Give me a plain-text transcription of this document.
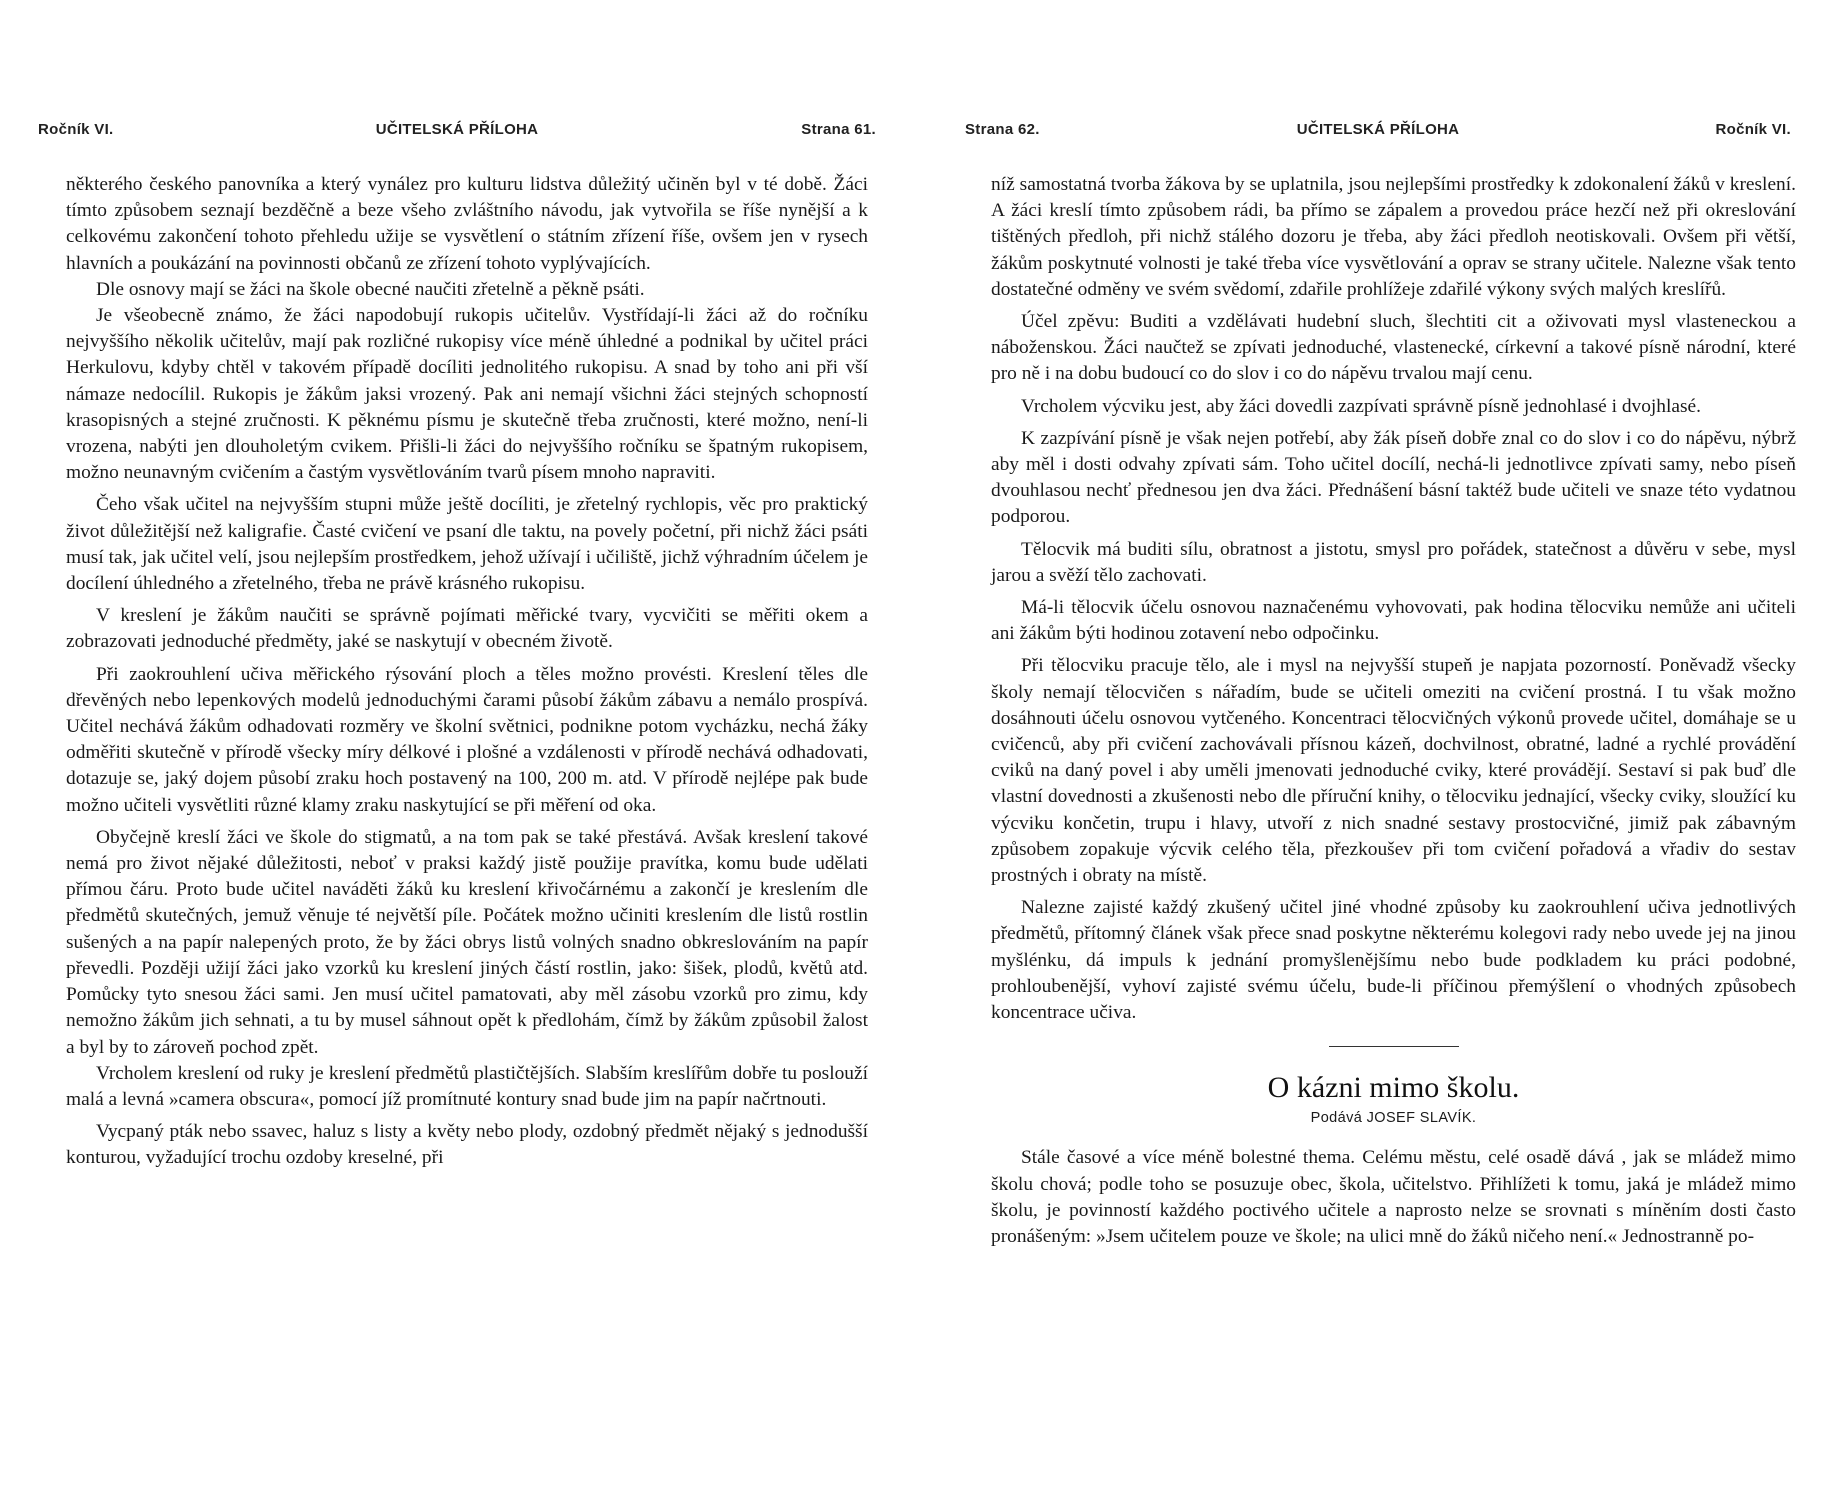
Ročník VI.	UČITELSKÁ PŘÍLOHA	Strana 61.

některého českého panovníka a který vynález pro kulturu lidstva důležitý učiněn byl v té době. Žáci tímto způsobem seznají bezděčně a beze všeho zvláštního návodu, jak vytvořila se říše nynější a k celkovému zakončení tohoto přehledu užije se vysvětlení o státním zřízení říše, ovšem jen v rysech hlavních a poukázání na povinnosti občanů ze zřízení tohoto vyplývajících.

Dle osnovy mají se žáci na škole obecné naučiti zřetelně a pěkně psáti.

Je všeobecně známo, že žáci napodobují rukopis učitelův. Vystřídají-li žáci až do ročníku nejvyššího několik učitelův, mají pak rozličné rukopisy více méně úhledné a podnikal by učitel práci Herkulovu, kdyby chtěl v takovém případě docíliti jednolitého rukopisu. A snad by toho ani při vší námaze nedocílil. Rukopis je žákům jaksi vrozený. Pak ani nemají všichni žáci stejných schopností krasopisných a stejné zručnosti. K pěknému písmu je skutečně třeba zručnosti, které možno, není-li vrozena, nabýti jen dlouholetým cvikem. Přišli-li žáci do nejvyššího ročníku se špatným rukopisem, možno neunavným cvičením a častým vysvětlováním tvarů písem mnoho napraviti.

Čeho však učitel na nejvyšším stupni může ještě docíliti, je zřetelný rychlopis, věc pro praktický život důležitější než kaligrafie. Časté cvičení ve psaní dle taktu, na povely početní, při nichž žáci psáti musí tak, jak učitel velí, jsou nejlepším prostředkem, jehož užívají i učiliště, jichž výhradním účelem je docílení úhledného a zřetelného, třeba ne právě krásného rukopisu.

V kreslení je žákům naučiti se správně pojímati měřické tvary, vycvičiti se měřiti okem a zobrazovati jednoduché předměty, jaké se naskytují v obecném životě.

Při zaokrouhlení učiva měřického rýsování ploch a těles možno provésti. Kreslení těles dle dřevěných nebo lepenkových modelů jednoduchými čarami působí žákům zábavu a nemálo prospívá. Učitel nechává žákům odhadovati rozměry ve školní světnici, podnikne potom vycházku, nechá žáky odměřiti skutečně v přírodě všecky míry délkové i plošné a vzdálenosti v přírodě nechává odhadovati, dotazuje se, jaký dojem působí zraku hoch postavený na 100, 200 m. atd. V přírodě nejlépe pak bude možno učiteli vysvětliti různé klamy zraku naskytující se při měření od oka.

Obyčejně kreslí žáci ve škole do stigmatů, a na tom pak se také přestává. Avšak kreslení takové nemá pro život nějaké důležitosti, neboť v praksi každý jistě použije pravítka, komu bude udělati přímou čáru. Proto bude učitel naváděti žáků ku kreslení křivočárnému a zakončí je kreslením dle předmětů skutečných, jemuž věnuje té největší píle. Počátek možno učiniti kreslením dle listů rostlin sušených a na papír nalepených proto, že by žáci obrys listů volných snadno obkreslováním na papír převedli. Později užijí žáci jako vzorků ku kreslení jiných částí rostlin, jako: šišek, plodů, květů atd. Pomůcky tyto snesou žáci sami. Jen musí učitel pamatovati, aby měl zásobu vzorků pro zimu, kdy nemožno žákům jich sehnati, a tu by musel sáhnout opět k předlohám, čímž by žákům způsobil žalost a byl by to zároveň pochod zpět.

Vrcholem kreslení od ruky je kreslení předmětů plastičtějších. Slabším kreslířům dobře tu poslouží malá a levná »camera obscura«, pomocí jíž promítnuté kontury snad bude jim na papír načrtnouti.

Vycpaný pták nebo ssavec, haluz s listy a květy nebo plody, ozdobný předmět nějaký s jednodušší konturou, vyžadující trochu ozdoby kreselné, při

Strana 62.	UČITELSKÁ PŘÍLOHA	Ročník VI.

níž samostatná tvorba žákova by se uplatnila, jsou nejlepšími prostředky k zdokonalení žáků v kreslení. A žáci kreslí tímto způsobem rádi, ba přímo se zápalem a provedou práce hezčí než při okreslování tištěných předloh, při nichž stálého dozoru je třeba, aby žáci předloh neotiskovali. Ovšem při větší, žákům poskytnuté volnosti je také třeba více vysvětlování a oprav se strany učitele. Nalezne však tento dostatečné odměny ve svém svědomí, zdařile prohlížeje zdařilé výkony svých malých kreslířů.

Účel zpěvu: Buditi a vzdělávati hudební sluch, šlechtiti cit a oživovati mysl vlasteneckou a náboženskou. Žáci naučtež se zpívati jednoduché, vlastenecké, církevní a takové písně národní, které pro ně i na dobu budoucí co do slov i co do nápěvu trvalou mají cenu.

Vrcholem výcviku jest, aby žáci dovedli zazpívati správně písně jednohlasé i dvojhlasé.

K zazpívání písně je však nejen potřebí, aby žák píseň dobře znal co do slov i co do nápěvu, nýbrž aby měl i dosti odvahy zpívati sám. Toho učitel docílí, nechá-li jednotlivce zpívati samy, nebo píseň dvouhlasou nechť přednesou jen dva žáci. Přednášení básní taktéž bude učiteli ve snaze této vydatnou podporou.

Tělocvik má buditi sílu, obratnost a jistotu, smysl pro pořádek, statečnost a důvěru v sebe, mysl jarou a svěží tělo zachovati.

Má-li tělocvik účelu osnovou naznačenému vyhovovati, pak hodina tělocviku nemůže ani učiteli ani žákům býti hodinou zotavení nebo odpočinku.

Při tělocviku pracuje tělo, ale i mysl na nejvyšší stupeň je napjata pozorností. Poněvadž všecky školy nemají tělocvičen s nářadím, bude se učiteli omeziti na cvičení prostná. I tu však možno dosáhnouti účelu osnovou vytčeného. Koncentraci tělocvičných výkonů provede učitel, domáhaje se u cvičenců, aby při cvičení zachovávali přísnou kázeň, dochvilnost, obratné, ladné a rychlé provádění cviků na daný povel i aby uměli jmenovati jednoduché cviky, které provádějí. Sestaví si pak buď dle vlastní dovednosti a zkušenosti nebo dle příruční knihy, o tělocviku jednající, všecky cviky, sloužící ku výcviku končetin, trupu i hlavy, utvoří z nich snadné sestavy prostocvičné, jimiž pak zábavným způsobem zopakuje výcvik celého těla, přezkoušev při tom cvičení pořadová a vřadiv do sestav prostných i obraty na místě.

Nalezne zajisté každý zkušený učitel jiné vhodné způsoby ku zaokrouhlení učiva jednotlivých předmětů, přítomný článek však přece snad poskytne některému kolegovi rady nebo uvede jej na jinou myšlénku, dá impuls k jednání promyšlenějšímu nebo bude podkladem ku práci podobné, prohloubenější, vyhoví zajisté svému účelu, bude-li příčinou přemýšlení o vhodných způsobech koncentrace učiva.

O kázni mimo školu.
Podává JOSEF SLAVÍK.

Stále časové a více méně bolestné thema. Celému městu, celé osadě dává , jak se mládež mimo školu chová; podle toho se posuzuje obec, škola, učitelstvo. Přihlížeti k tomu, jaká je mládež mimo školu, je povinností každého poctivého učitele a naprosto nelze se srovnati s míněním dosti často pronášeným: »Jsem učitelem pouze ve škole; na ulici mně do žáků ničeho není.« Jednostranně po-
